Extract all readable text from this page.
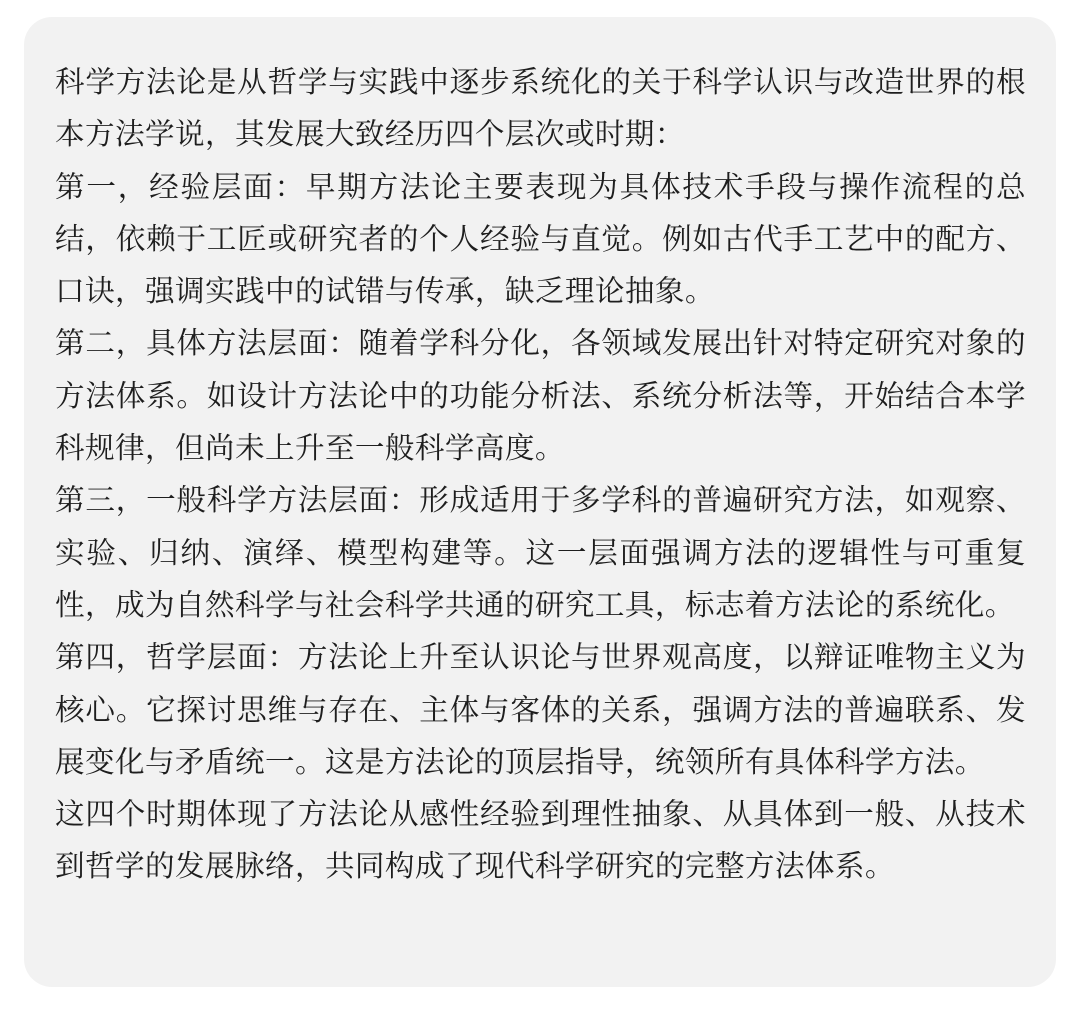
科学方法论是从哲学与实践中逐步系统化的关于科学认识与改造世界的根本方法学说，其发展大致经历四个层次或时期：

第一，经验层面：早期方法论主要表现为具体技术手段与操作流程的总结，依赖于工匠或研究者的个人经验与直觉。例如古代手工艺中的配方、口诀，强调实践中的试错与传承，缺乏理论抽象。

第二，具体方法层面：随着学科分化，各领域发展出针对特定研究对象的方法体系。如设计方法论中的功能分析法、系统分析法等，开始结合本学科规律，但尚未上升至一般科学高度。

第三，一般科学方法层面：形成适用于多学科的普遍研究方法，如观察、实验、归纳、演绎、模型构建等。这一层面强调方法的逻辑性与可重复性，成为自然科学与社会科学共通的研究工具，标志着方法论的系统化。

第四，哲学层面：方法论上升至认识论与世界观高度，以辩证唯物主义为核心。它探讨思维与存在、主体与客体的关系，强调方法的普遍联系、发展变化与矛盾统一。这是方法论的顶层指导，统领所有具体科学方法。

这四个时期体现了方法论从感性经验到理性抽象、从具体到一般、从技术到哲学的发展脉络，共同构成了现代科学研究的完整方法体系。
